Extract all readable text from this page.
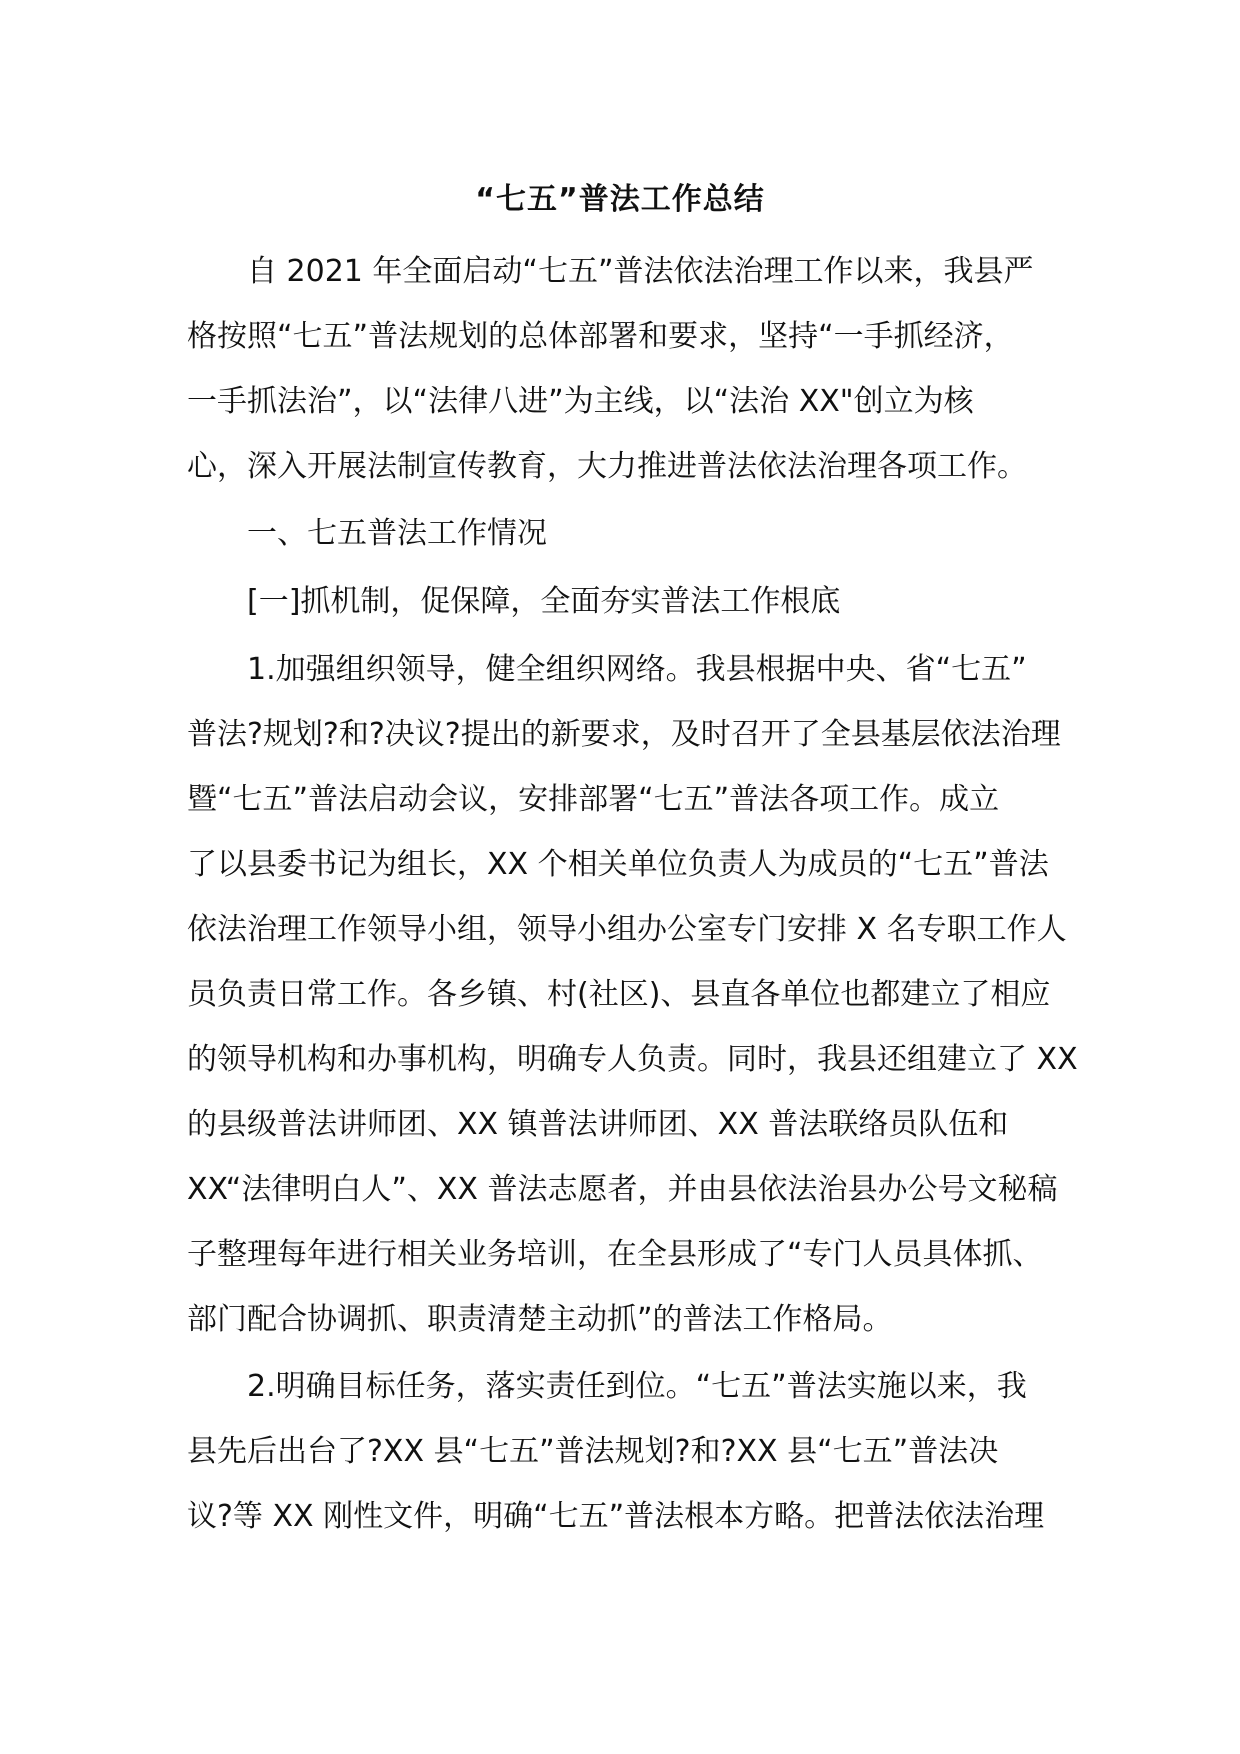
“七五”普法工作总结

自 2021 年全面启动“七五”普法依法治理工作以来，我县严

格按照“七五”普法规划的总体部署和要求，坚持“一手抓经济，

一手抓法治”，以“法律八进”为主线，以“法治 XX"创立为核

心，深入开展法制宣传教育，大力推进普法依法治理各项工作。

一、七五普法工作情况

[一]抓机制，促保障，全面夯实普法工作根底

1.加强组织领导，健全组织网络。我县根据中央、省“七五”

普法?规划?和?决议?提出的新要求，及时召开了全县基层依法治理

暨“七五”普法启动会议，安排部署“七五”普法各项工作。成立

了以县委书记为组长，XX 个相关单位负责人为成员的“七五”普法

依法治理工作领导小组，领导小组办公室专门安排 X 名专职工作人

员负责日常工作。各乡镇、村(社区)、县直各单位也都建立了相应

的领导机构和办事机构，明确专人负责。同时，我县还组建立了 XX

的县级普法讲师团、XX 镇普法讲师团、XX 普法联络员队伍和

XX“法律明白人”、XX 普法志愿者，并由县依法治县办公号文秘稿

子整理每年进行相关业务培训，在全县形成了“专门人员具体抓、

部门配合协调抓、职责清楚主动抓”的普法工作格局。

2.明确目标任务，落实责任到位。“七五”普法实施以来，我

县先后出台了?XX 县“七五”普法规划?和?XX 县“七五”普法决

议?等 XX 刚性文件，明确“七五”普法根本方略。把普法依法治理
